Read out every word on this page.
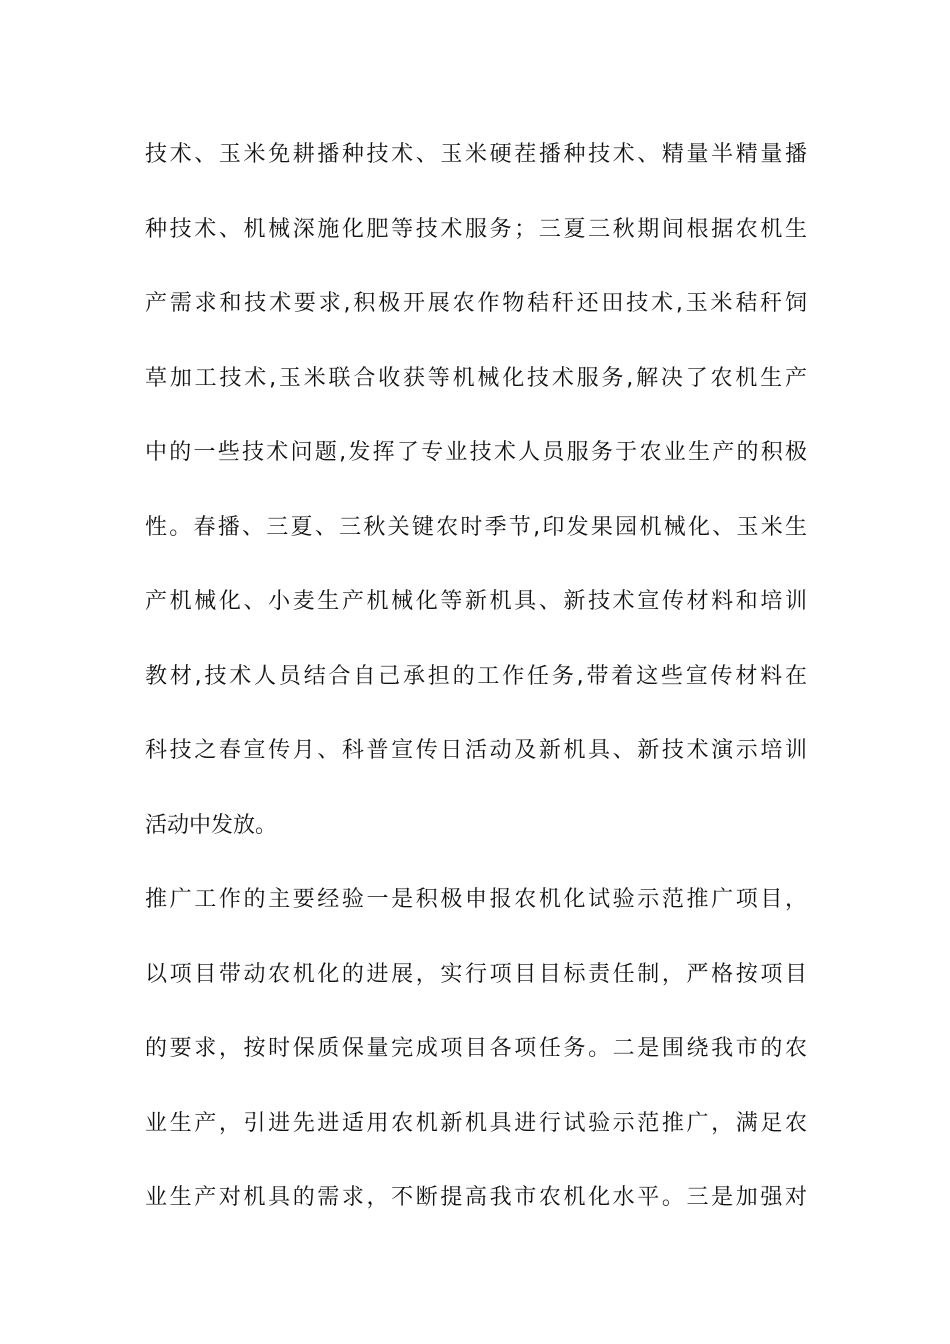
技术、玉米免耕播种技术、玉米硬茬播种技术、精量半精量播
种技术、机械深施化肥等技术服务；三夏三秋期间根据农机生
产需求和技术要求,积极开展农作物秸秆还田技术,玉米秸秆饲
草加工技术,玉米联合收获等机械化技术服务,解决了农机生产
中的一些技术问题,发挥了专业技术人员服务于农业生产的积极
性。春播、三夏、三秋关键农时季节,印发果园机械化、玉米生
产机械化、小麦生产机械化等新机具、新技术宣传材料和培训
教材,技术人员结合自己承担的工作任务,带着这些宣传材料在
科技之春宣传月、科普宣传日活动及新机具、新技术演示培训
活动中发放。
推广工作的主要经验一是积极申报农机化试验示范推广项目，
以项目带动农机化的进展，实行项目目标责任制，严格按项目
的要求，按时保质保量完成项目各项任务。二是围绕我市的农
业生产，引进先进适用农机新机具进行试验示范推广，满足农
业生产对机具的需求，不断提高我市农机化水平。三是加强对
